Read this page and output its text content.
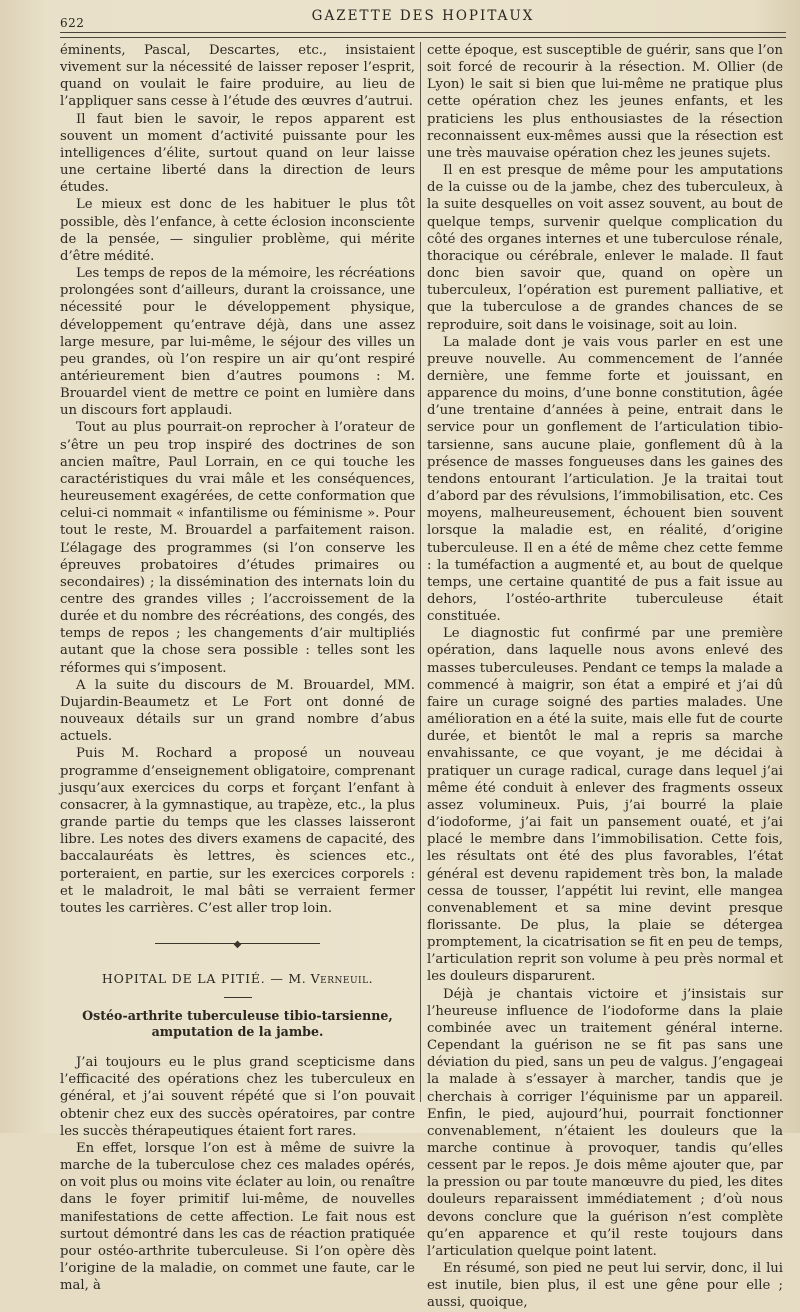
622	GAZETTE DES HOPITAUX

éminents, Pascal, Descartes, etc., insistaient vivement sur la nécessité de laisser reposer l’esprit, quand on voulait le faire produire, au lieu de l’appliquer sans cesse à l’étude des œuvres d’autrui.

Il faut bien le savoir, le repos apparent est souvent un moment d’activité puissante pour les intelligences d’élite, surtout quand on leur laisse une certaine liberté dans la direction de leurs études.

Le mieux est donc de les habituer le plus tôt possible, dès l’enfance, à cette éclosion inconsciente de la pensée, — singulier problème, qui mérite d’être médité.

Les temps de repos de la mémoire, les récréations prolongées sont d’ailleurs, durant la croissance, une nécessité pour le développement physique, développement qu’entrave déjà, dans une assez large mesure, par lui-même, le séjour des villes un peu grandes, où l’on respire un air qu’ont respiré antérieurement bien d’autres poumons : M. Brouardel vient de mettre ce point en lumière dans un discours fort applaudi.

Tout au plus pourrait-on reprocher à l’orateur de s’être un peu trop inspiré des doctrines de son ancien maître, Paul Lorrain, en ce qui touche les caractéristiques du vrai mâle et les conséquences, heureusement exagérées, de cette conformation que celui-ci nommait « infantilisme ou féminisme ». Pour tout le reste, M. Brouardel a parfaitement raison. L’élagage des programmes (si l’on conserve les épreuves probatoires d’études primaires ou secondaires) ; la dissémination des internats loin du centre des grandes villes ; l’accroissement de la durée et du nombre des récréations, des congés, des temps de repos ; les changements d’air multipliés autant que la chose sera possible : telles sont les réformes qui s’imposent.

A la suite du discours de M. Brouardel, MM. Dujardin-Beaumetz et Le Fort ont donné de nouveaux détails sur un grand nombre d’abus actuels.

Puis M. Rochard a proposé un nouveau programme d’enseignement obligatoire, comprenant jusqu’aux exercices du corps et forçant l’enfant à consacrer, à la gymnastique, au trapèze, etc., la plus grande partie du temps que les classes laisseront libre. Les notes des divers examens de capacité, des baccalauréats ès lettres, ès sciences etc., porteraient, en partie, sur les exercices corporels : et le maladroit, le mal bâti se verraient fermer toutes les carrières. C’est aller trop loin.

◆
HOPITAL DE LA PITIÉ. — M. Verneuil.
Ostéo-arthrite tuberculeuse tibio-tarsienne, amputation de la jambe.

J’ai toujours eu le plus grand scepticisme dans l’efficacité des opérations chez les tuberculeux en général, et j’ai souvent répété que si l’on pouvait obtenir chez eux des succès opératoires, par contre les succès thérapeutiques étaient fort rares.

En effet, lorsque l’on est à même de suivre la marche de la tuberculose chez ces malades opérés, on voit plus ou moins vite éclater au loin, ou renaître dans le foyer primitif lui-même, de nouvelles manifestations de cette affection. Le fait nous est surtout démontré dans les cas de réaction pratiquée pour ostéo-arthrite tuberculeuse. Si l’on opère dès l’origine de la maladie, on commet une faute, car le mal, à

cette époque, est susceptible de guérir, sans que l’on soit forcé de recourir à la résection. M. Ollier (de Lyon) le sait si bien que lui-même ne pratique plus cette opération chez les jeunes enfants, et les praticiens les plus enthousiastes de la résection reconnaissent eux-mêmes aussi que la résection est une très mauvaise opération chez les jeunes sujets.

Il en est presque de même pour les amputations de la cuisse ou de la jambe, chez des tuberculeux, à la suite desquelles on voit assez souvent, au bout de quelque temps, survenir quelque complication du côté des organes internes et une tuberculose rénale, thoracique ou cérébrale, enlever le malade. Il faut donc bien savoir que, quand on opère un tuberculeux, l’opération est purement palliative, et que la tuberculose a de grandes chances de se reproduire, soit dans le voisinage, soit au loin.

La malade dont je vais vous parler en est une preuve nouvelle. Au commencement de l’année dernière, une femme forte et jouissant, en apparence du moins, d’une bonne constitution, âgée d’une trentaine d’années à peine, entrait dans le service pour un gonflement de l’articulation tibio-tarsienne, sans aucune plaie, gonflement dû à la présence de masses fongueuses dans les gaines des tendons entourant l’articulation. Je la traitai tout d’abord par des révulsions, l’immobilisation, etc. Ces moyens, malheureusement, échouent bien souvent lorsque la maladie est, en réalité, d’origine tuberculeuse. Il en a été de même chez cette femme : la tuméfaction a augmenté et, au bout de quelque temps, une certaine quantité de pus a fait issue au dehors, l’ostéo-arthrite tuberculeuse était constituée.

Le diagnostic fut confirmé par une première opération, dans laquelle nous avons enlevé des masses tuberculeuses. Pendant ce temps la malade a commencé à maigrir, son état a empiré et j’ai dû faire un curage soigné des parties malades. Une amélioration en a été la suite, mais elle fut de courte durée, et bientôt le mal a repris sa marche envahissante, ce que voyant, je me décidai à pratiquer un curage radical, curage dans lequel j’ai même été conduit à enlever des fragments osseux assez volumineux. Puis, j’ai bourré la plaie d’iodoforme, j’ai fait un pansement ouaté, et j’ai placé le membre dans l’immobilisation. Cette fois, les résultats ont été des plus favorables, l’état général est devenu rapidement très bon, la malade cessa de tousser, l’appétit lui revint, elle mangea convenablement et sa mine devint presque florissante. De plus, la plaie se détergea promptement, la cicatrisation se fit en peu de temps, l’articulation reprit son volume à peu près normal et les douleurs disparurent.

Déjà je chantais victoire et j’insistais sur l’heureuse influence de l’iodoforme dans la plaie combinée avec un traitement général interne. Cependant la guérison ne se fit pas sans une déviation du pied, sans un peu de valgus. J’engageai la malade à s’essayer à marcher, tandis que je cherchais à corriger l’équinisme par un appareil. Enfin, le pied, aujourd’hui, pourrait fonctionner convenablement, n’étaient les douleurs que la marche continue à provoquer, tandis qu’elles cessent par le repos. Je dois même ajouter que, par la pression ou par toute manœuvre du pied, les dites douleurs reparaissent immédiatement ; d’où nous devons conclure que la guérison n’est complète qu’en apparence et qu’il reste toujours dans l’articulation quelque point latent.

En résumé, son pied ne peut lui servir, donc, il lui est inutile, bien plus, il est une gêne pour elle ; aussi, quoique,
